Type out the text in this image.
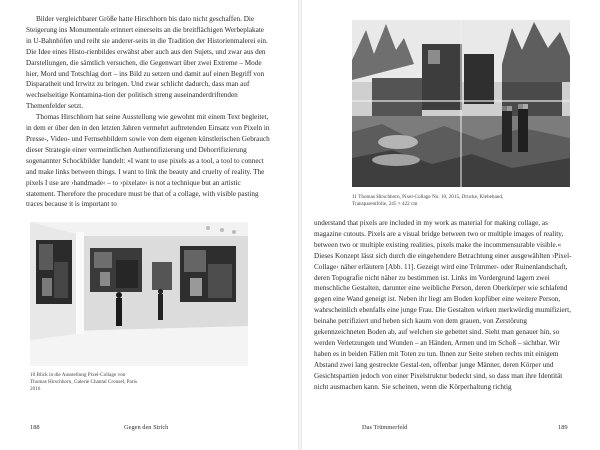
Bilder vergleichbarer Größe hatte Hirschhorn bis dato nicht geschaffen. Die Steigerung ins Monumentale erinnert einerseits an die breitflächigen Werbeplakate in U-Bahnhöfen und reiht sie anderer-seits in die Tradition der Historienmalerei ein. Die Idee eines Histo-rienbildes erwähst aber auch aus den Sujets, und zwar aus den Darstellungen, die sämtlich versuchen, die Gegenwart über zwei Extreme – Mode hier, Mord und Totschlag dort – ins Bild zu setzen und damit auf einen Begriff von Disparatheit und Irrwitz zu bringen. Und zwar schlicht dadurch, dass man auf wechselseitige Kontamina-tion der politisch streng auseinanderdriftenden Themenfelder setzt.

Thomas Hirschhorn hat seine Ausstellung wie gewohnt mit einem Text begleitet, in dem er über den in den letzten Jahren vermehrt auftretenden Einsatz von Pixeln in Presse-, Video- und Fernsehbildern sowie von dem eigenen künstlerischen Gebrauch dieser Strategie einer vermeintlichen Authentifizierung und Dehorrifizierung sogenannter Schockbilder handelt: »I want to use pixels as a tool, a tool to connect and make links between things. I want to link the beauty and cruelty of reality. The pixels I use are ›handmade‹ – to ›pixelate‹ is not a technique but an artistic statement. Therefore the procedure must be that of a collage, with visible pasting traces because it is important to

10 Blick in die Ausstellung Pixel-Collage von Thomas Hirschhorn, Galerie Chantal Crousel, Paris 2016
188	Gegen den Strich
11 Thomas Hirschhorn, Pixel-Collage No. 10, 2015, Drucke, Klebeband, Transparentfolie, 245 × 422 cm

understand that pixels are included in my work as material for making collage, as magazine cutouts. Pixels are a visual bridge between two or multiple images of reality, between two or multiple existing realities, pixels make the incommensurable visible.« Dieses Konzept lässt sich durch die eingehendere Betrachtung einer ausgewählten ›Pixel-Collage‹ näher erläutern [Abb. 11]. Gezeigt wird eine Trümmer- oder Ruinenlandschaft, deren Topografie nicht näher zu bestimmen ist. Links im Vordergrund lagern zwei menschliche Gestalten, darunter eine weibliche Person, deren Oberkörper wie schlafend gegen eine Wand geneigt ist. Neben ihr liegt am Boden kopfüber eine weitere Person, wahrscheinlich ebenfalls eine junge Frau. Die Gestalten wirken merkwürdig mumifiziert, beinahe petrifiziert und heben sich kaum von dem grauen, von Zerstörung gekennzeichneten Boden ab, auf welchen sie gebettet sind. Sieht man genauer hin, so werden Verletzungen und Wunden – an Händen, Armen und im Schoß – sichtbar. Wir haben es in beiden Fällen mit Toten zu tun. Ihnen zur Seite stehen rechts mit einigem Abstand zwei lang gestreckte Gestal-ten, offenbar junge Männer, deren Körper und Gesichtspartien jedoch von einer Pixelstruktur bedeckt sind, so dass man ihre Identität nicht ausmachen kann. Sie scheinen, wenn die Körperhaltung richtig

Das Trümmerfeld	189
